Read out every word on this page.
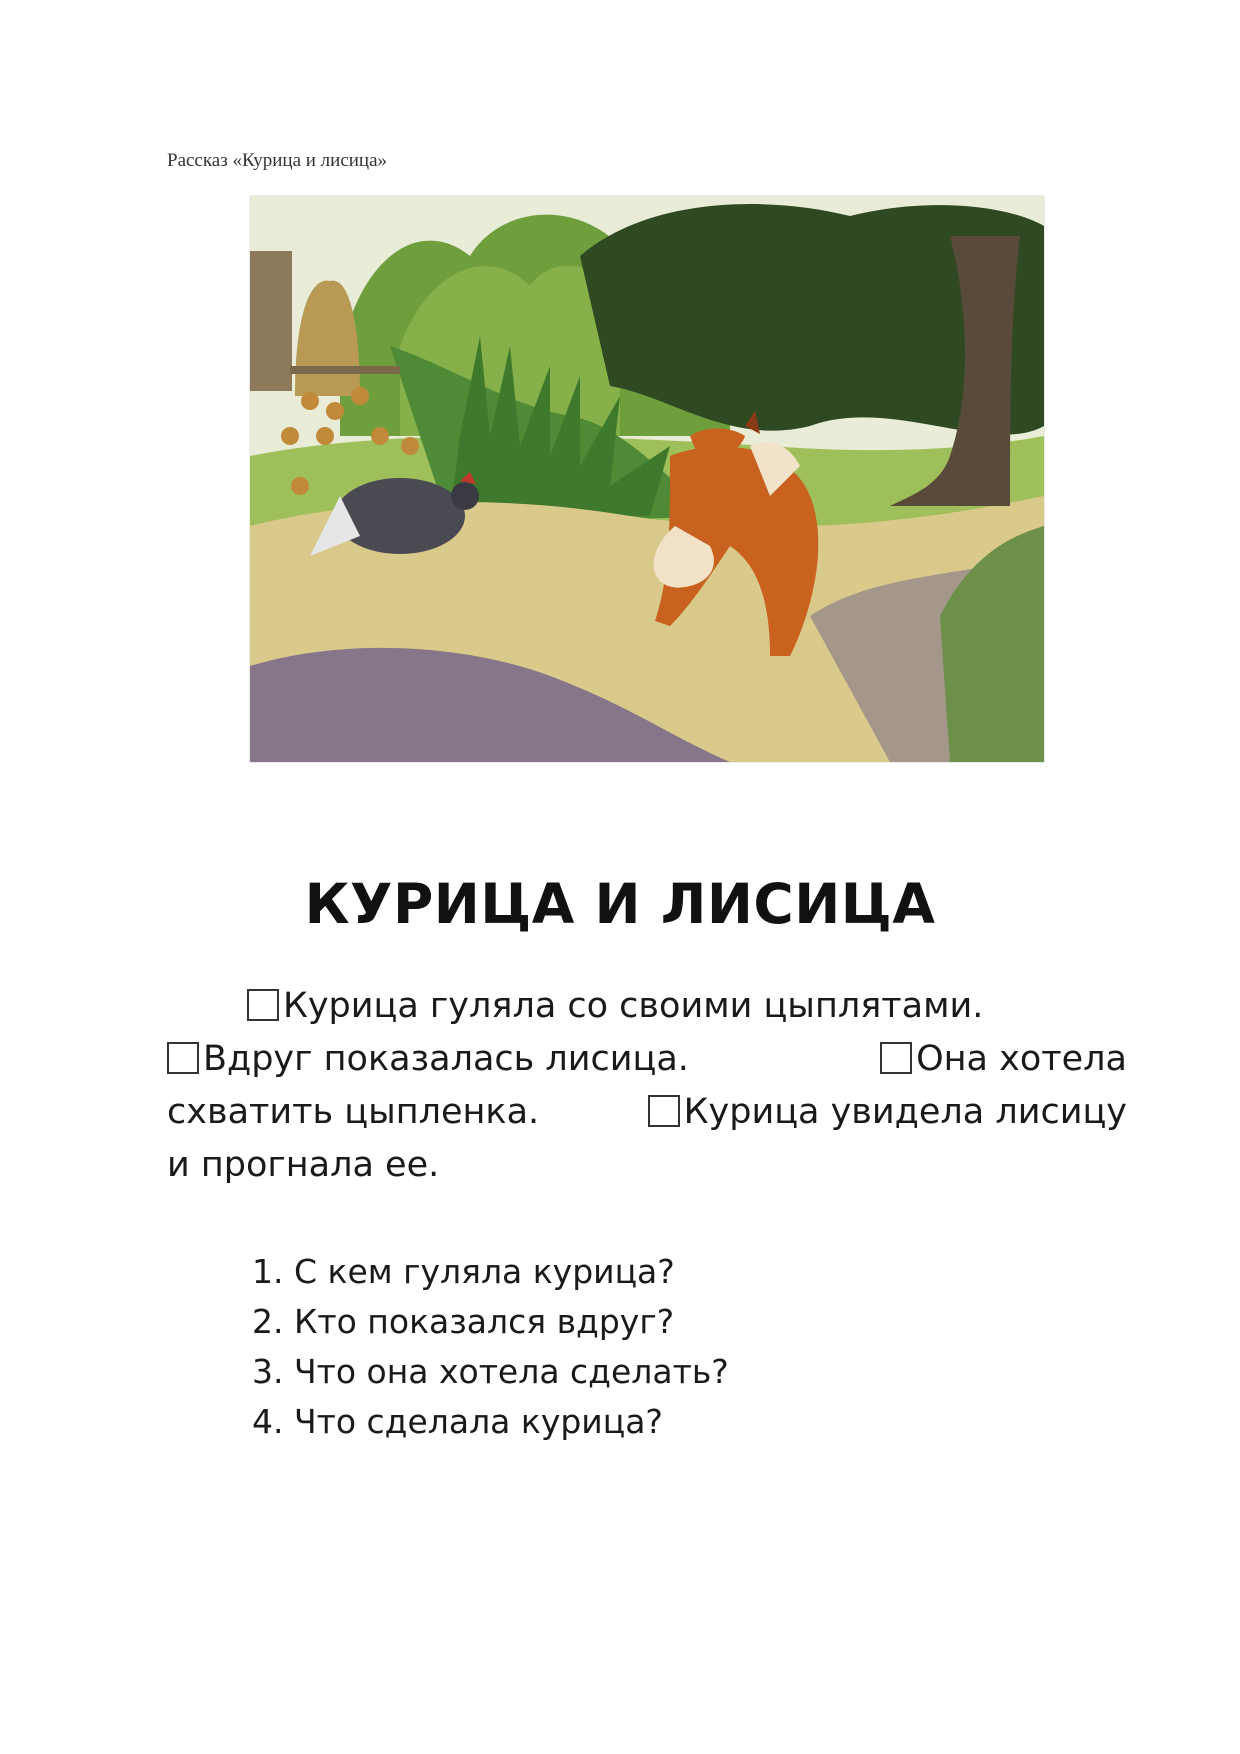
Рассказ «Курица и лисица»
КУРИЦА И ЛИСИЦА
Курица гуляла со своими цыплятами.
Вдруг показалась лисица.	Она хотела
схватить цыпленка.	Курица увидела лисицу
и прогнала ее.
1. С кем гуляла курица?
2. Кто показался вдруг?
3. Что она хотела сделать?
4. Что сделала курица?
